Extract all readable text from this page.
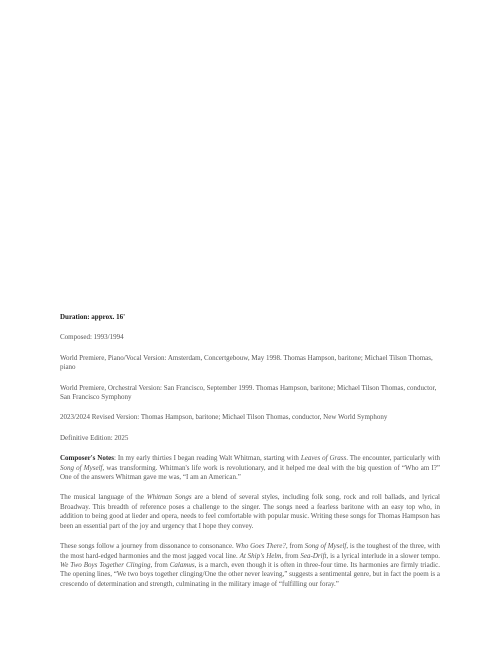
Duration: approx. 16'

Composed: 1993/1994

World Premiere, Piano/Vocal Version: Amsterdam, Concertgebouw, May 1998. Thomas Hampson, baritone; Michael Tilson Thomas, piano

World Premiere, Orchestral Version: San Francisco, September 1999. Thomas Hampson, baritone; Michael Tilson Thomas, conductor, San Francisco Symphony

2023/2024 Revised Version: Thomas Hampson, baritone; Michael Tilson Thomas, conductor, New World Symphony

Definitive Edition: 2025

Composer's Notes: In my early thirties I began reading Walt Whitman, starting with Leaves of Grass. The encounter, particularly with Song of Myself, was transforming. Whitman's life work is revolutionary, and it helped me deal with the big question of “Who am I?” One of the answers Whitman gave me was, “I am an American.”

The musical language of the Whitman Songs are a blend of several styles, including folk song, rock and roll ballads, and lyrical Broadway. This breadth of reference poses a challenge to the singer. The songs need a fearless baritone with an easy top who, in addition to being good at lieder and opera, needs to feel comfortable with popular music. Writing these songs for Thomas Hampson has been an essential part of the joy and urgency that I hope they convey.

These songs follow a journey from dissonance to consonance. Who Goes There?, from Song of Myself, is the toughest of the three, with the most hard-edged harmonies and the most jagged vocal line. At Ship's Helm, from Sea-Drift, is a lyrical interlude in a slower tempo. We Two Boys Together Clinging, from Calamus, is a march, even though it is often in three-four time. Its harmonies are firmly triadic. The opening lines, “We two boys together clinging/One the other never leaving,” suggests a sentimental genre, but in fact the poem is a crescendo of determination and strength, culminating in the military image of “fulfilling our foray.”
